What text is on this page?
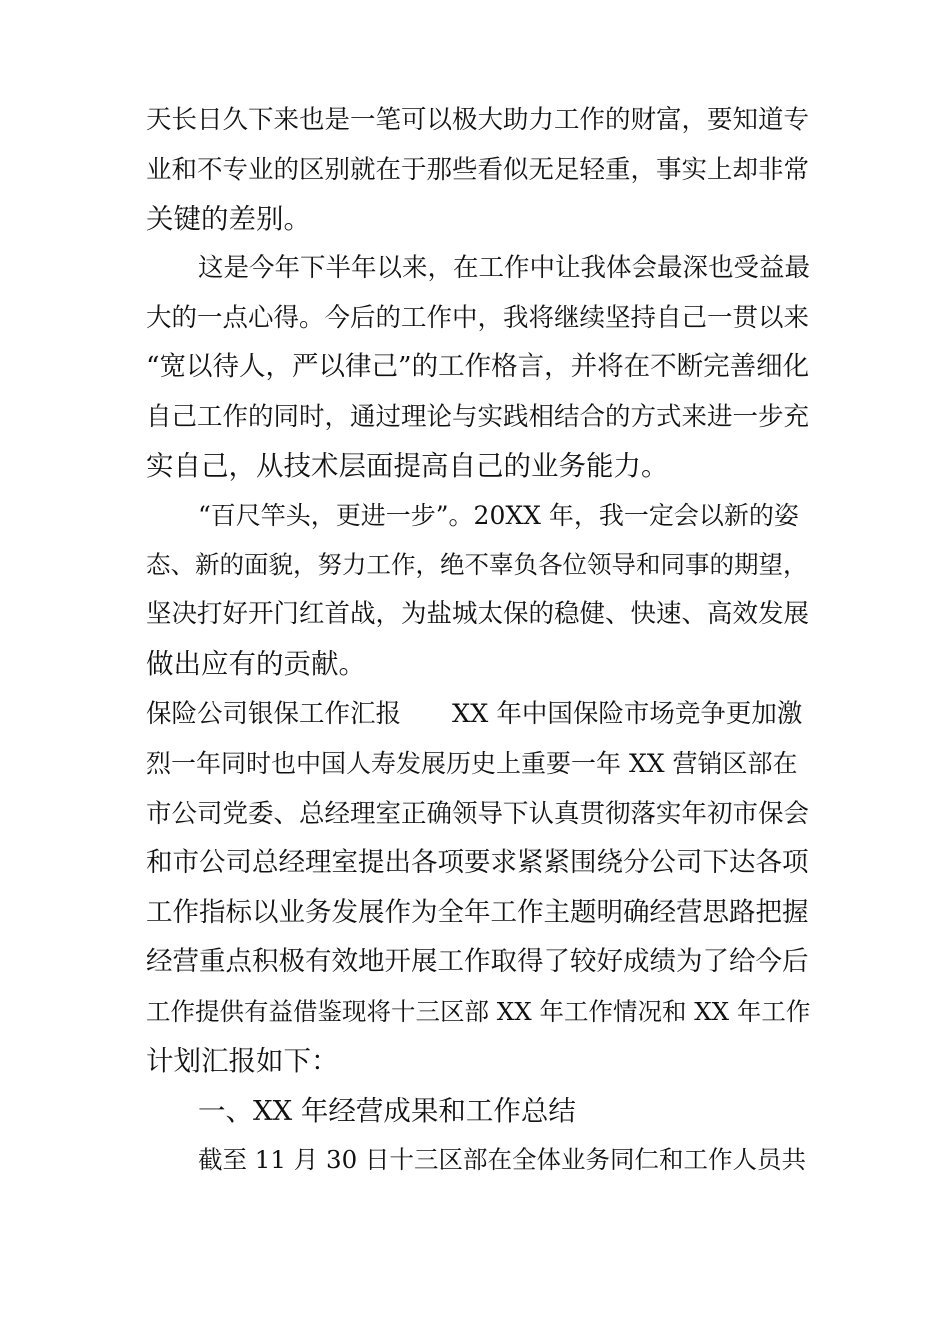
天长日久下来也是一笔可以极大助力工作的财富，要知道专
业和不专业的区别就在于那些看似无足轻重，事实上却非常
关键的差别。
这是今年下半年以来，在工作中让我体会最深也受益最
大的一点心得。今后的工作中，我将继续坚持自己一贯以来
“宽以待人，严以律己”的工作格言，并将在不断完善细化
自己工作的同时，通过理论与实践相结合的方式来进一步充
实自己，从技术层面提高自己的业务能力。
“百尺竿头，更进一步”。20XX 年，我一定会以新的姿
态、新的面貌，努力工作，绝不辜负各位领导和同事的期望，
坚决打好开门红首战，为盐城太保的稳健、快速、高效发展
做出应有的贡献。
保险公司银保工作汇报　　XX 年中国保险市场竞争更加激
烈一年同时也中国人寿发展历史上重要一年 XX 营销区部在
市公司党委、总经理室正确领导下认真贯彻落实年初市保会
和市公司总经理室提出各项要求紧紧围绕分公司下达各项
工作指标以业务发展作为全年工作主题明确经营思路把握
经营重点积极有效地开展工作取得了较好成绩为了给今后
工作提供有益借鉴现将十三区部 XX 年工作情况和 XX 年工作
计划汇报如下：
一、XX 年经营成果和工作总结
截至 11 月 30 日十三区部在全体业务同仁和工作人员共
